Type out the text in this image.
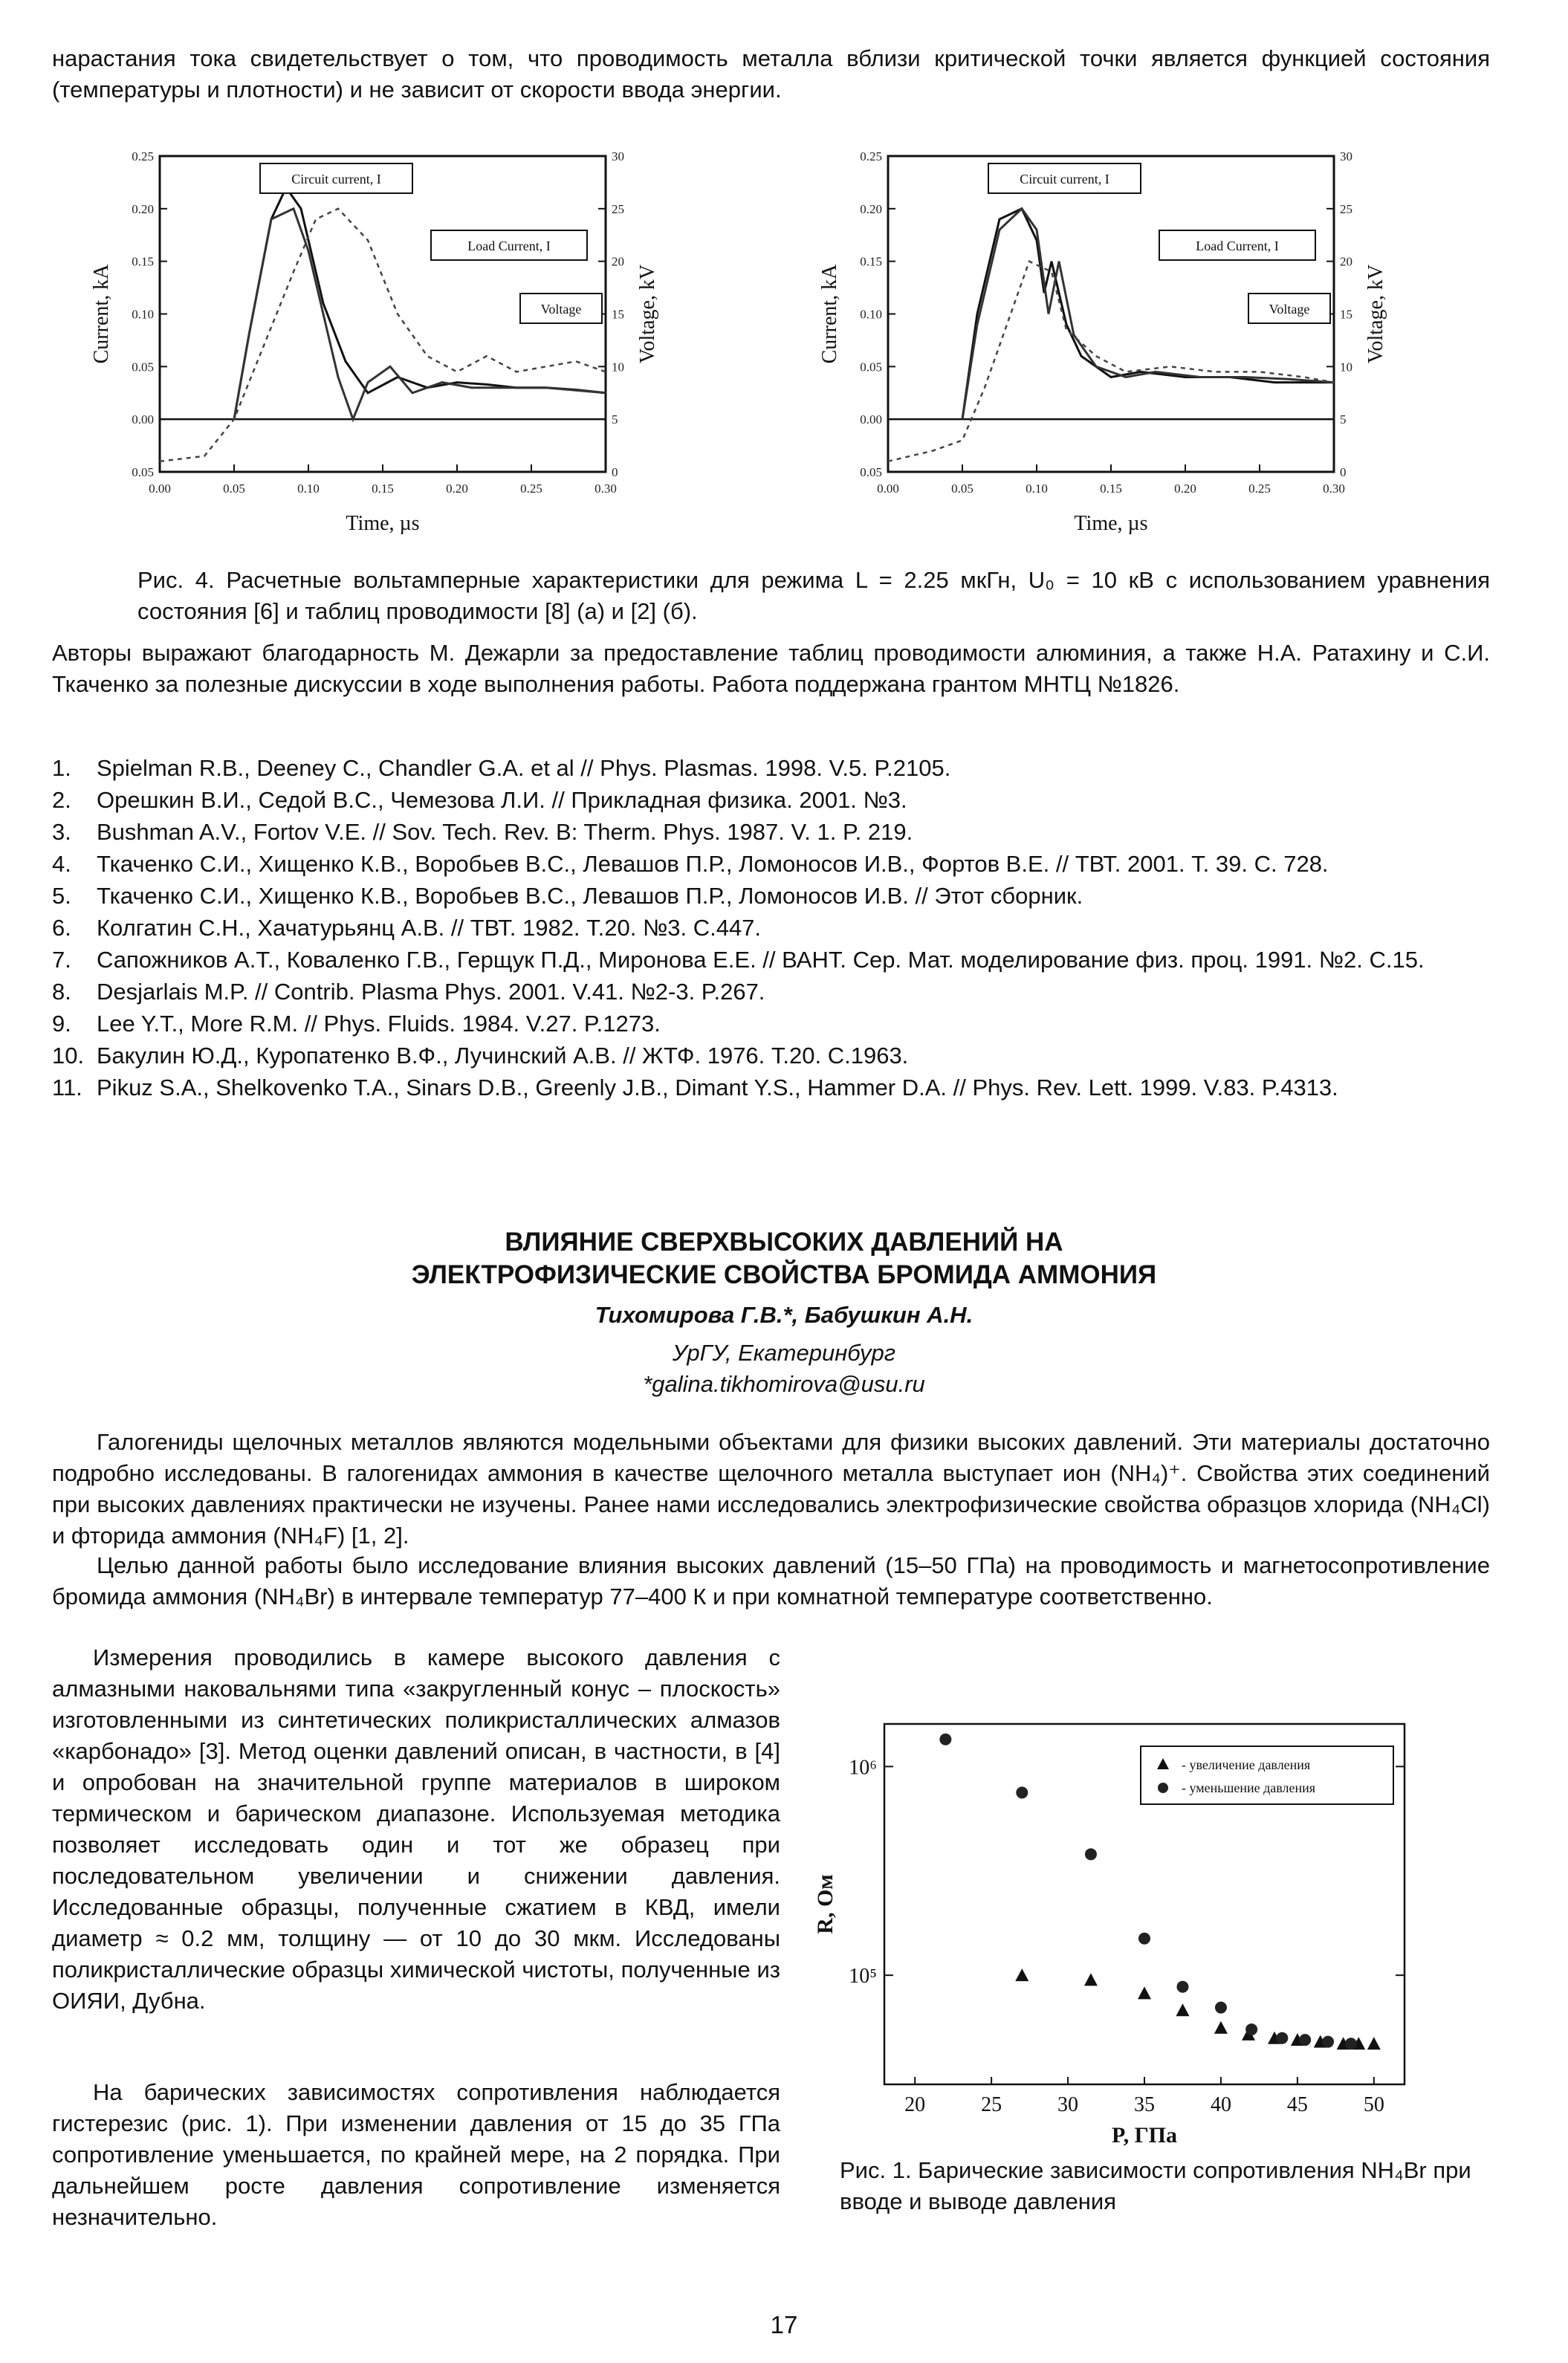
нарастания тока свидетельствует о том, что проводимость металла вблизи критической точки является функцией состояния (температуры и плотности) и не зависит от скорости ввода энергии.
0.00	0.05	0.10	0.15	0.20	0.25	0.30
0.25
0.20
0.15
0.10
0.05
0.00
0.05
30
25
20
15
10
5
0
Time, µs
Current, kA	Voltage, kV
Circuit current, I
Load Current, I
Voltage
0.00	0.05	0.10	0.15	0.20	0.25	0.30
0.25
0.20
0.15
0.10
0.05
0.00
0.05
30
25
20
15
10
5
0
Time, µs
Current, kA	Voltage, kV
Circuit current, I
Load Current, I
Voltage
Рис. 4. Расчетные вольтамперные характеристики для режима L = 2.25 мкГн, U₀ = 10 кВ с использованием уравнения состояния [6] и таблиц проводимости [8] (а) и [2] (б).
Авторы выражают благодарность М. Дежарли за предоставление таблиц проводимости алюминия, а также Н.А. Ратахину и С.И. Ткаченко за полезные дискуссии в ходе выполнения работы. Работа поддержана грантом МНТЦ №1826.
1.	Spielman R.B., Deeney C., Chandler G.A. et al // Phys. Plasmas. 1998. V.5. P.2105.
2.	Орешкин В.И., Седой В.С., Чемезова Л.И. // Прикладная физика. 2001. №3.
3.	Bushman A.V., Fortov V.E. // Sov. Tech. Rev. B: Therm. Phys. 1987. V. 1. P. 219.
4.	Ткаченко С.И., Хищенко К.В., Воробьев В.С., Левашов П.Р., Ломоносов И.В., Фортов В.Е. // ТВТ. 2001. Т. 39. С. 728.
5.	Ткаченко С.И., Хищенко К.В., Воробьев В.С., Левашов П.Р., Ломоносов И.В. // Этот сборник.
6.	Колгатин С.Н., Хачатурьянц А.В. // ТВТ. 1982. Т.20. №3. С.447.
7.	Сапожников А.Т., Коваленко Г.В., Герщук П.Д., Миронова Е.Е. // ВАНТ. Сер. Мат. моделирование физ. проц. 1991. №2. С.15.
8.	Desjarlais M.P. // Contrib. Plasma Phys. 2001. V.41. №2-3. P.267.
9.	Lee Y.T., More R.M. // Phys. Fluids. 1984. V.27. P.1273.
10. Бакулин Ю.Д., Куропатенко В.Ф., Лучинский А.В. // ЖТФ. 1976. Т.20. С.1963.
11. Pikuz S.A., Shelkovenko T.A., Sinars D.B., Greenly J.B., Dimant Y.S., Hammer D.A. // Phys. Rev. Lett. 1999. V.83. P.4313.
ВЛИЯНИЕ СВЕРХВЫСОКИХ ДАВЛЕНИЙ НА
ЭЛЕКТРОФИЗИЧЕСКИЕ СВОЙСТВА БРОМИДА АММОНИЯ
Тихомирова Г.В.*, Бабушкин А.Н.
УрГУ, Екатеринбург
*galina.tikhomirova@usu.ru
Галогениды щелочных металлов являются модельными объектами для физики высоких давлений. Эти материалы достаточно подробно исследованы. В галогенидах аммония в качестве щелочного металла выступает ион (NH₄)⁺. Свойства этих соединений при высоких давлениях практически не изучены. Ранее нами исследовались электрофизические свойства образцов хлорида (NH₄Cl) и фторида аммония (NH₄F) [1, 2].
Целью данной работы было исследование влияния высоких давлений (15–50 ГПа) на проводимость и магнетосопротивление бромида аммония (NH₄Br) в интервале температур 77–400 К и при комнатной температуре соответственно.
Измерения проводились в камере высокого давления с алмазными наковальнями типа «закругленный конус – плоскость» изготовленными из синтетических поликристаллических алмазов «карбонадо» [3]. Метод оценки давлений описан, в частности, в [4] и опробован на значительной группе материалов в широком термическом и барическом диапазоне. Используемая методика позволяет исследовать один и тот же образец при последовательном увеличении и снижении давления. Исследованные образцы, полученные сжатием в КВД, имели диаметр ≈ 0.2 мм, толщину — от 10 до 30 мкм. Исследованы поликристаллические образцы химической чистоты, полученные из ОИЯИ, Дубна.
На барических зависимостях сопротивления наблюдается гистерезис (рис. 1). При изменении давления от 15 до 35 ГПа сопротивление уменьшается, по крайней мере, на 2 порядка. При дальнейшем росте давления сопротивление изменяется незначительно.
20	25	30	35	40	45	50
10⁶
10⁵
P, ГПа
R, Ом
- увеличение давления
- уменьшение давления
Рис. 1. Барические зависимости сопротивления NH₄Br при вводе и выводе давления
17
